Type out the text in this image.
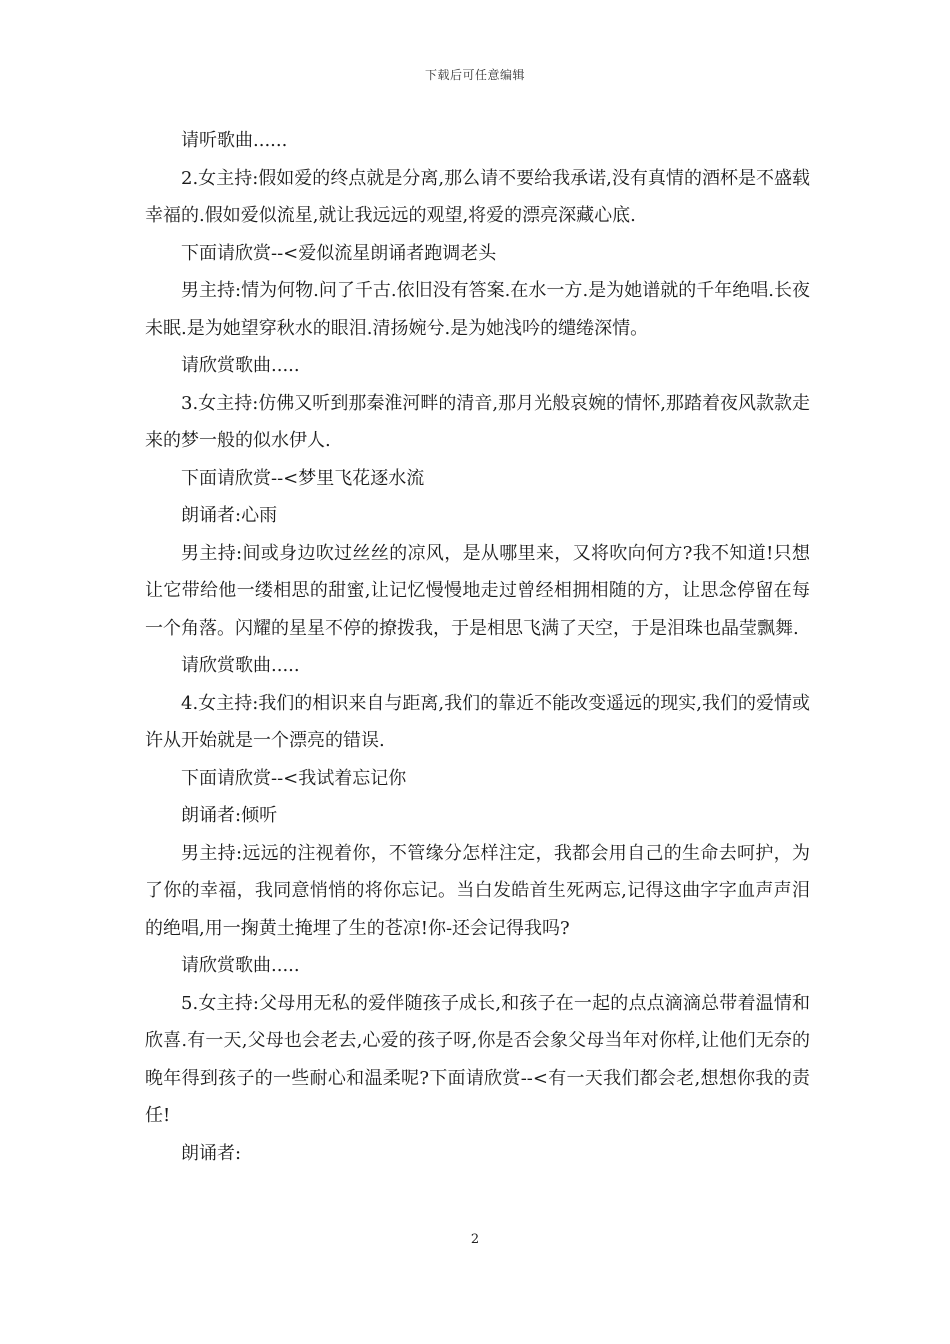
下载后可任意编辑

请听歌曲......

2.女主持:假如爱的终点就是分离,那么请不要给我承诺,没有真情的酒杯是不盛载幸福的.假如爱似流星,就让我远远的观望,将爱的漂亮深藏心底.

下面请欣赏--<爱似流星朗诵者跑调老头

男主持:情为何物.问了千古.依旧没有答案.在水一方.是为她谱就的千年绝唱.长夜未眠.是为她望穿秋水的眼泪.清扬婉兮.是为她浅吟的缱绻深情。

请欣赏歌曲.....

3.女主持:仿佛又听到那秦淮河畔的清音,那月光般哀婉的情怀,那踏着夜风款款走来的梦一般的似水伊人.

下面请欣赏--<梦里飞花逐水流

朗诵者:心雨

男主持:间或身边吹过丝丝的凉风，是从哪里来，又将吹向何方?我不知道!只想让它带给他一缕相思的甜蜜,让记忆慢慢地走过曾经相拥相随的方，让思念停留在每一个角落。闪耀的星星不停的撩拨我，于是相思飞满了天空，于是泪珠也晶莹飘舞.

请欣赏歌曲.....

4.女主持:我们的相识来自与距离,我们的靠近不能改变遥远的现实,我们的爱情或许从开始就是一个漂亮的错误.

下面请欣赏--<我试着忘记你

朗诵者:倾听

男主持:远远的注视着你，不管缘分怎样注定，我都会用自己的生命去呵护，为了你的幸福，我同意悄悄的将你忘记。当白发皓首生死两忘,记得这曲字字血声声泪的绝唱,用一掬黄土掩埋了生的苍凉!你-还会记得我吗?

请欣赏歌曲.....

5.女主持:父母用无私的爱伴随孩子成长,和孩子在一起的点点滴滴总带着温情和欣喜.有一天,父母也会老去,心爱的孩子呀,你是否会象父母当年对你样,让他们无奈的晚年得到孩子的一些耐心和温柔呢?下面请欣赏--<有一天我们都会老,想想你我的责任!

朗诵者:

2
